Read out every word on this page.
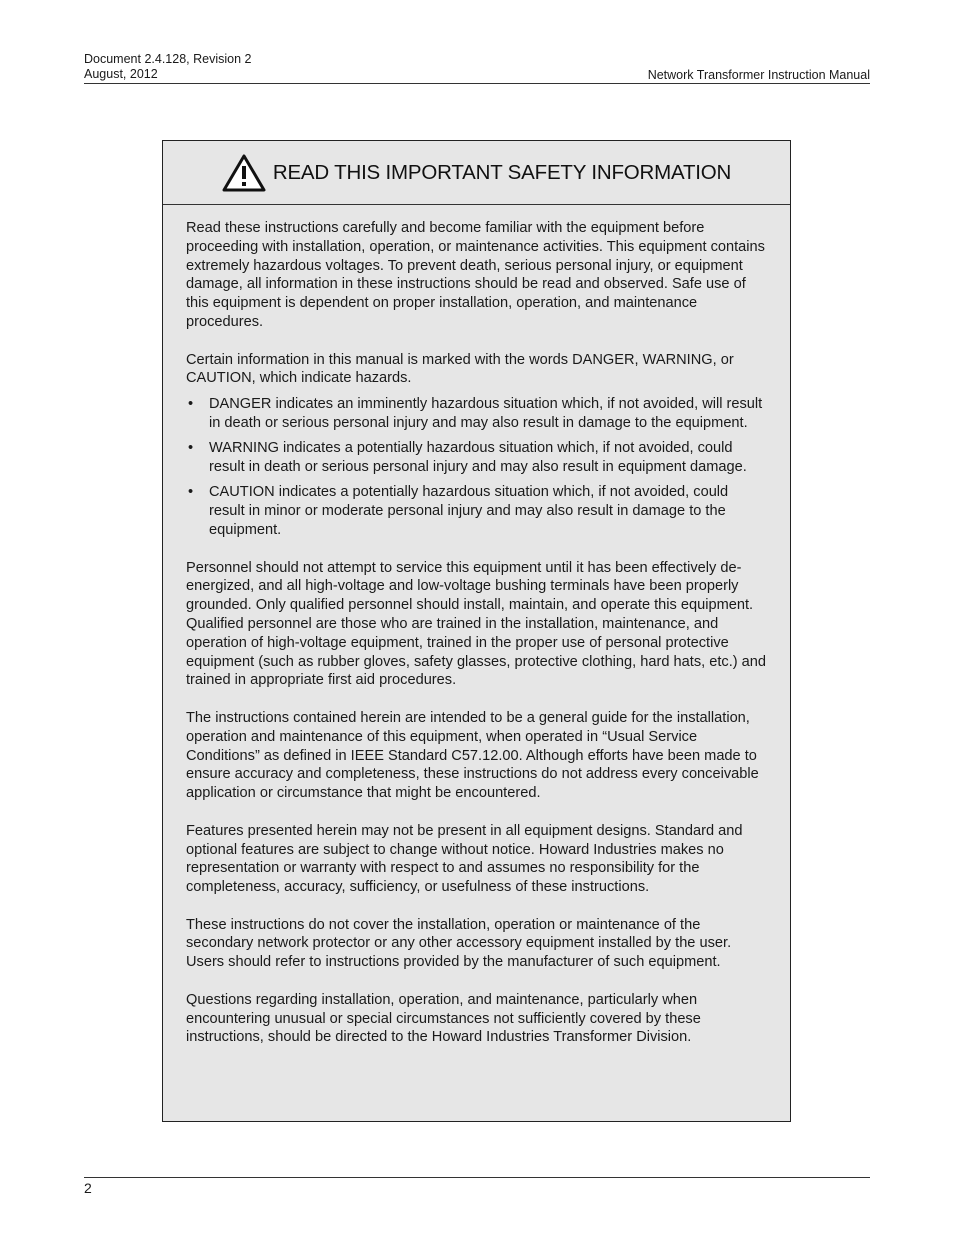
Document 2.4.128, Revision 2
August, 2012	Network Transformer Instruction Manual
READ THIS IMPORTANT SAFETY INFORMATION

Read these instructions carefully and become familiar with the equipment before proceeding with installation, operation, or maintenance activities. This equipment contains extremely hazardous voltages. To prevent death, serious personal injury, or equipment damage, all information in these instructions should be read and observed. Safe use of this equipment is dependent on proper installation, operation, and maintenance procedures.

Certain information in this manual is marked with the words DANGER, WARNING, or CAUTION, which indicate hazards.

• DANGER indicates an imminently hazardous situation which, if not avoided, will result in death or serious personal injury and may also result in damage to the equipment.
• WARNING indicates a potentially hazardous situation which, if not avoided, could result in death or serious personal injury and may also result in equipment damage.
• CAUTION indicates a potentially hazardous situation which, if not avoided, could result in minor or moderate personal injury and may also result in damage to the equipment.

Personnel should not attempt to service this equipment until it has been effectively de-energized, and all high-voltage and low-voltage bushing terminals have been properly grounded. Only qualified personnel should install, maintain, and operate this equipment. Qualified personnel are those who are trained in the installation, maintenance, and operation of high-voltage equipment, trained in the proper use of personal protective equipment (such as rubber gloves, safety glasses, protective clothing, hard hats, etc.) and trained in appropriate first aid procedures.

The instructions contained herein are intended to be a general guide for the installation, operation and maintenance of this equipment, when operated in “Usual Service Conditions” as defined in IEEE Standard C57.12.00. Although efforts have been made to ensure accuracy and completeness, these instructions do not address every conceivable application or circumstance that might be encountered.

Features presented herein may not be present in all equipment designs. Standard and optional features are subject to change without notice. Howard Industries makes no representation or warranty with respect to and assumes no responsibility for the completeness, accuracy, sufficiency, or usefulness of these instructions.

These instructions do not cover the installation, operation or maintenance of the secondary network protector or any other accessory equipment installed by the user. Users should refer to instructions provided by the manufacturer of such equipment.

Questions regarding installation, operation, and maintenance, particularly when encountering unusual or special circumstances not sufficiently covered by these instructions, should be directed to the Howard Industries Transformer Division.

2
